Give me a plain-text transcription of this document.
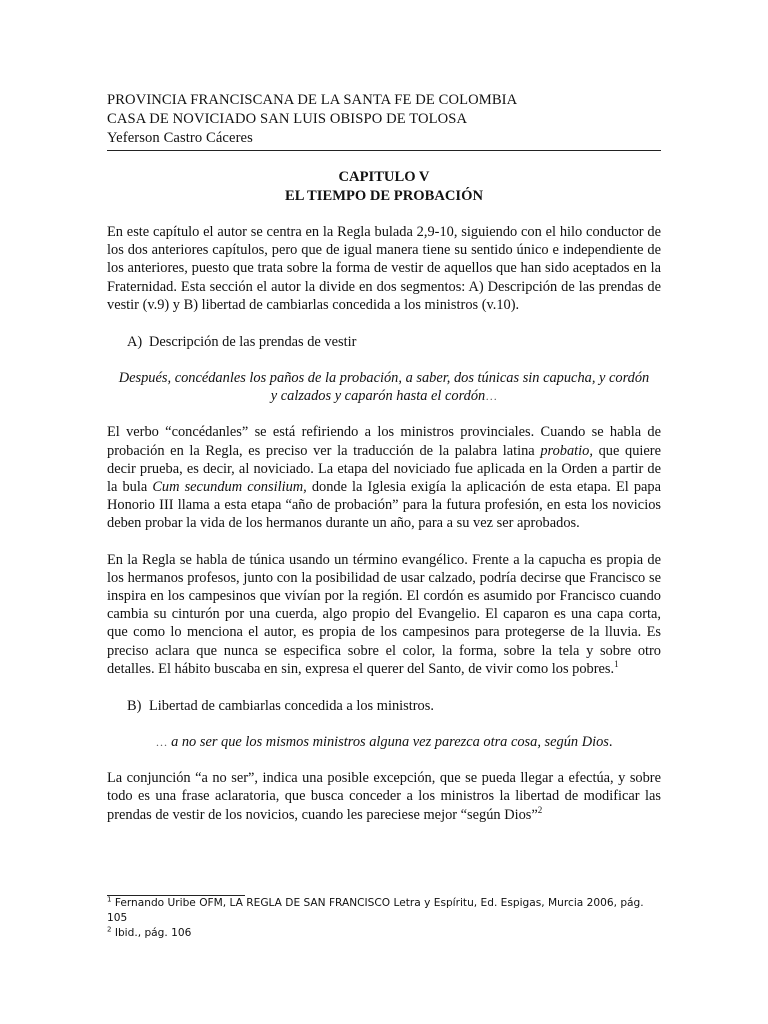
PROVINCIA FRANCISCANA DE LA SANTA FE DE COLOMBIA
CASA DE NOVICIADO SAN LUIS OBISPO DE TOLOSA
Yeferson Castro Cáceres
CAPITULO V
EL TIEMPO DE PROBACIÓN

En este capítulo el autor se centra en la Regla bulada 2,9-10, siguiendo con el hilo conductor de los dos anteriores capítulos, pero que de igual manera tiene su sentido único e independiente de los anteriores, puesto que trata sobre la forma de vestir de aquellos que han sido aceptados en la Fraternidad. Esta sección el autor la divide en dos segmentos: A) Descripción de las prendas de vestir (v.9) y B) libertad de cambiarlas concedida a los ministros (v.10).

A) Descripción de las prendas de vestir
Después, concédanles los paños de la probación, a saber, dos túnicas sin capucha, y cordón y calzados y caparón hasta el cordón…

El verbo “concédanles” se está refiriendo a los ministros provinciales. Cuando se habla de probación en la Regla, es preciso ver la traducción de la palabra latina probatio, que quiere decir prueba, es decir, al noviciado. La etapa del noviciado fue aplicada en la Orden a partir de la bula Cum secundum consilium, donde la Iglesia exigía la aplicación de esta etapa. El papa Honorio III llama a esta etapa “año de probación” para la futura profesión, en esta los novicios deben probar la vida de los hermanos durante un año, para a su vez ser aprobados.

En la Regla se habla de túnica usando un término evangélico. Frente a la capucha es propia de los hermanos profesos, junto con la posibilidad de usar calzado, podría decirse que Francisco se inspira en los campesinos que vivían por la región. El cordón es asumido por Francisco cuando cambia su cinturón por una cuerda, algo propio del Evangelio. El caparon es una capa corta, que como lo menciona el autor, es propia de los campesinos para protegerse de la lluvia. Es preciso aclara que nunca se especifica sobre el color, la forma, sobre la tela y sobre otro detalles. El hábito buscaba en sin, expresa el querer del Santo, de vivir como los pobres.$^1$

B) Libertad de cambiarlas concedida a los ministros.
… a no ser que los mismos ministros alguna vez parezca otra cosa, según Dios.

La conjunción “a no ser”, indica una posible excepción, que se pueda llegar a efectúa, y sobre todo es una frase aclaratoria, que busca conceder a los ministros la libertad de modificar las prendas de vestir de los novicios, cuando les pareciese mejor “según Dios”$^2$

$^1$ Fernando Uribe OFM, LA REGLA DE SAN FRANCISCO Letra y Espíritu, Ed. Espigas, Murcia 2006, pág. 105
$^2$ Ibid., pág. 106
